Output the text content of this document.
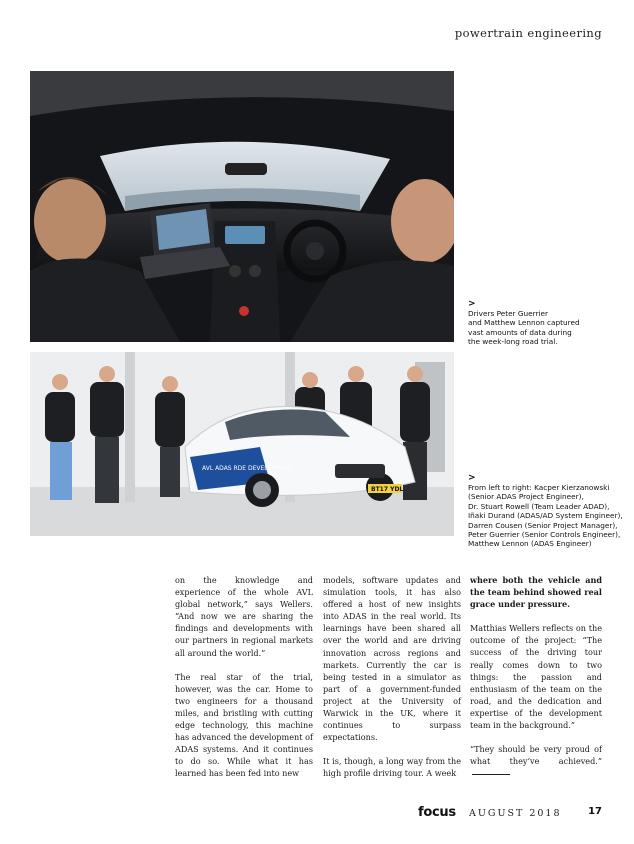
powertrain engineering
>
Drivers Peter Guerrier
and Matthew Lennon captured
vast amounts of data during
the week-long road trial.
AVL ADAS RDE DEVELOPMENT
BT17 YDL
>
From left to right: Kacper Kierzanowski
(Senior ADAS Project Engineer),
Dr. Stuart Rowell (Team Leader ADAD),
Iñaki Durand (ADAS/AD System Engineer),
Darren Cousen (Senior Project Manager),
Peter Guerrier (Senior Controls Engineer),
Matthew Lennon (ADAS Engineer)

on the knowledge and experience of the whole AVL global network,” says Wellers. “And now we are sharing the findings and developments with our partners in regional markets all around the world.”

The real star of the trial, however, was the car. Home to two engineers for a thousand miles, and bristling with cutting edge technology, this machine has advanced the development of ADAS systems. And it continues to do so. While what it has learned has been fed into new

models, software updates and simulation tools, it has also offered a host of new insights into ADAS in the real world. Its learnings have been shared all over the world and are driving innovation across regions and markets. Currently the car is being tested in a simulator as part of a government-funded project at the University of Warwick in the UK, where it continues to surpass expectations.

It is, though, a long way from the high profile driving tour. A week

where both the vehicle and the team behind showed real grace under pressure.

Matthias Wellers reflects on the outcome of the project: “The success of the driving tour really comes down to two things: the passion and enthusiasm of the team on the road, and the dedication and expertise of the development team in the background.”

“They should be very proud of what they’ve achieved.”

focus AUGUST 2018	17
